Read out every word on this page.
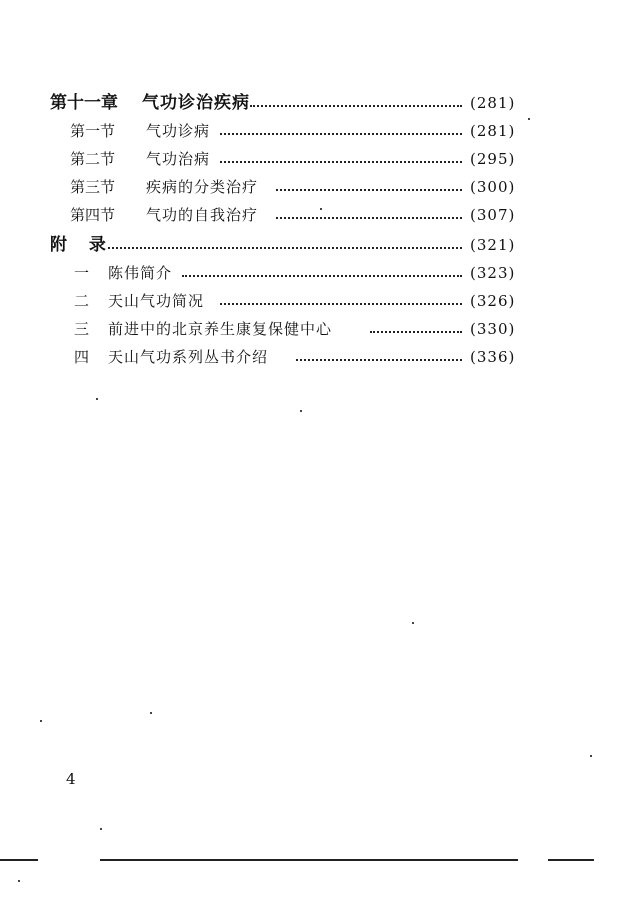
第十一章 气功诊治疾病	(281)
第一节 气功诊病	(281)
第二节 气功治病	(295)
第三节 疾病的分类治疗	(300)
第四节 气功的自我治疗	(307)
附 录	(321)
一 陈伟简介	(323)
二 天山气功简况	(326)
三 前进中的北京养生康复保健中心	(330)
四 天山气功系列丛书介绍	(336)
4
